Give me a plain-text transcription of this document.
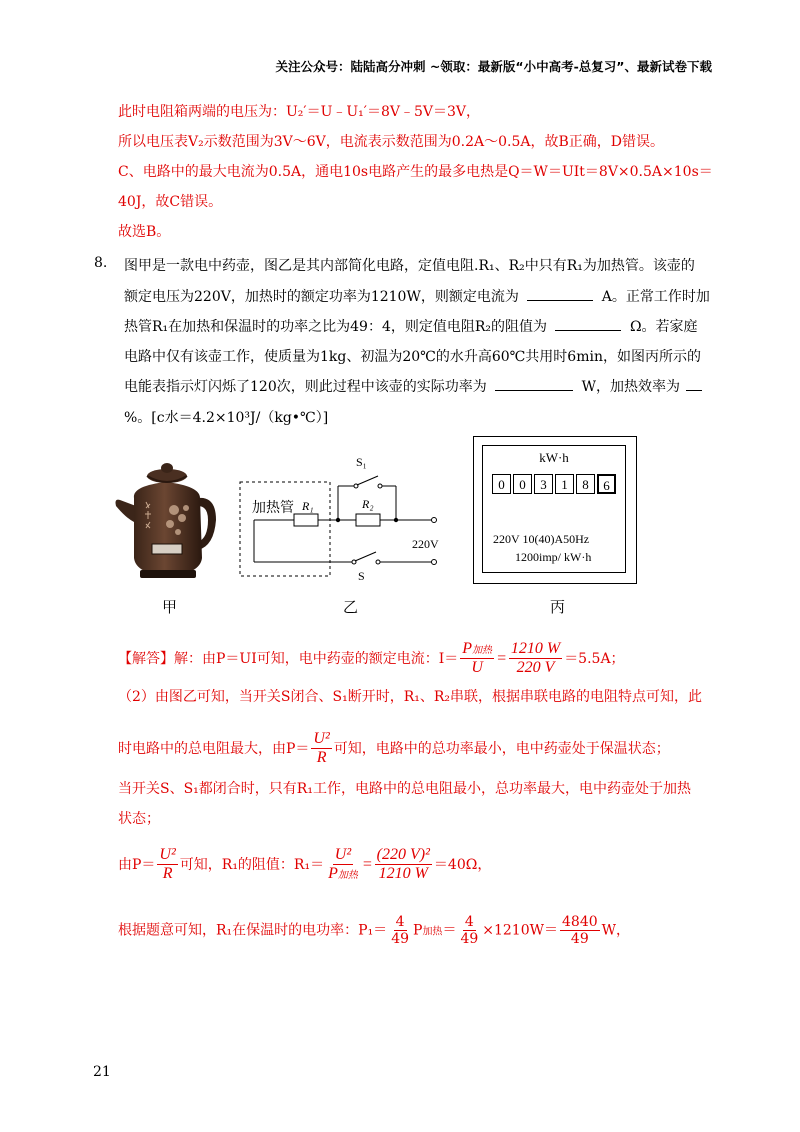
关注公众号：陆陆高分冲刺 ~领取：最新版“小中高考-总复习”、最新试卷下载
此时电阻箱两端的电压为：U₂′＝U﹣U₁′＝8V﹣5V＝3V，
所以电压表V₂示数范围为3V～6V，电流表示数范围为0.2A～0.5A，故B正确，D错误。
C、电路中的最大电流为0.5A，通电10s电路产生的最多电热是Q＝W＝UIt＝8V×0.5A×10s＝
40J，故C错误。
故选B。
8. 图甲是一款电中药壶，图乙是其内部简化电路，定值电阻.R₁、R₂中只有R₁为加热管。该壶的
额定电压为220V，加热时的额定功率为1210W，则额定电流为	A。正常工作时加
热管R₁在加热和保温时的功率之比为49：4，则定值电阻R₂的阻值为	Ω。若家庭
电路中仅有该壶工作，使质量为1kg、初温为20℃的水升高60℃共用时6min，如图丙所示的
电能表指示灯闪烁了120次，则此过程中该壶的实际功率为	W，加热效率为
%。[c水＝4.2×10³J/（kg•℃）]
甲
加热管 R₁	R₂
S₁
S
220V
乙
kW·h
0	0	3	1	8	6
220V 10(40)A50Hz
1200imp/ kW·h
丙
【解答】解：由P＝UI可知，电中药壶的额定电流：$I= \frac{\text{P加热}}{U} = \frac{1210 W}{220 V} =5.5A$；
（2）由图乙可知，当开关S闭合、S₁断开时，R₁、R₂串联，根据串联电路的电阻特点可知，此
时电路中的总电阻最大，由$P= \frac{\text{U²}}{R}$ 可知，电路中的总功率最小，电中药壶处于保温状态；
当开关S、S₁都闭合时，只有R₁工作，电路中的总电阻最小，总功率最大，电中药壶处于加热
状态；
由$P= \frac{\text{U²}}{R}$ 可知，R₁的阻值：$R_1= \frac{\text{U²}}{\text{P加热}} = \frac{\text{(220 V)²}}{1210 W} =40\Omega$，
根据题意可知，R₁在保温时的电功率：$P_1= \frac{4}{49}$ P加热＝ $\frac{4}{49} \times 1210W= \frac{4840}{49}$ W，
21
